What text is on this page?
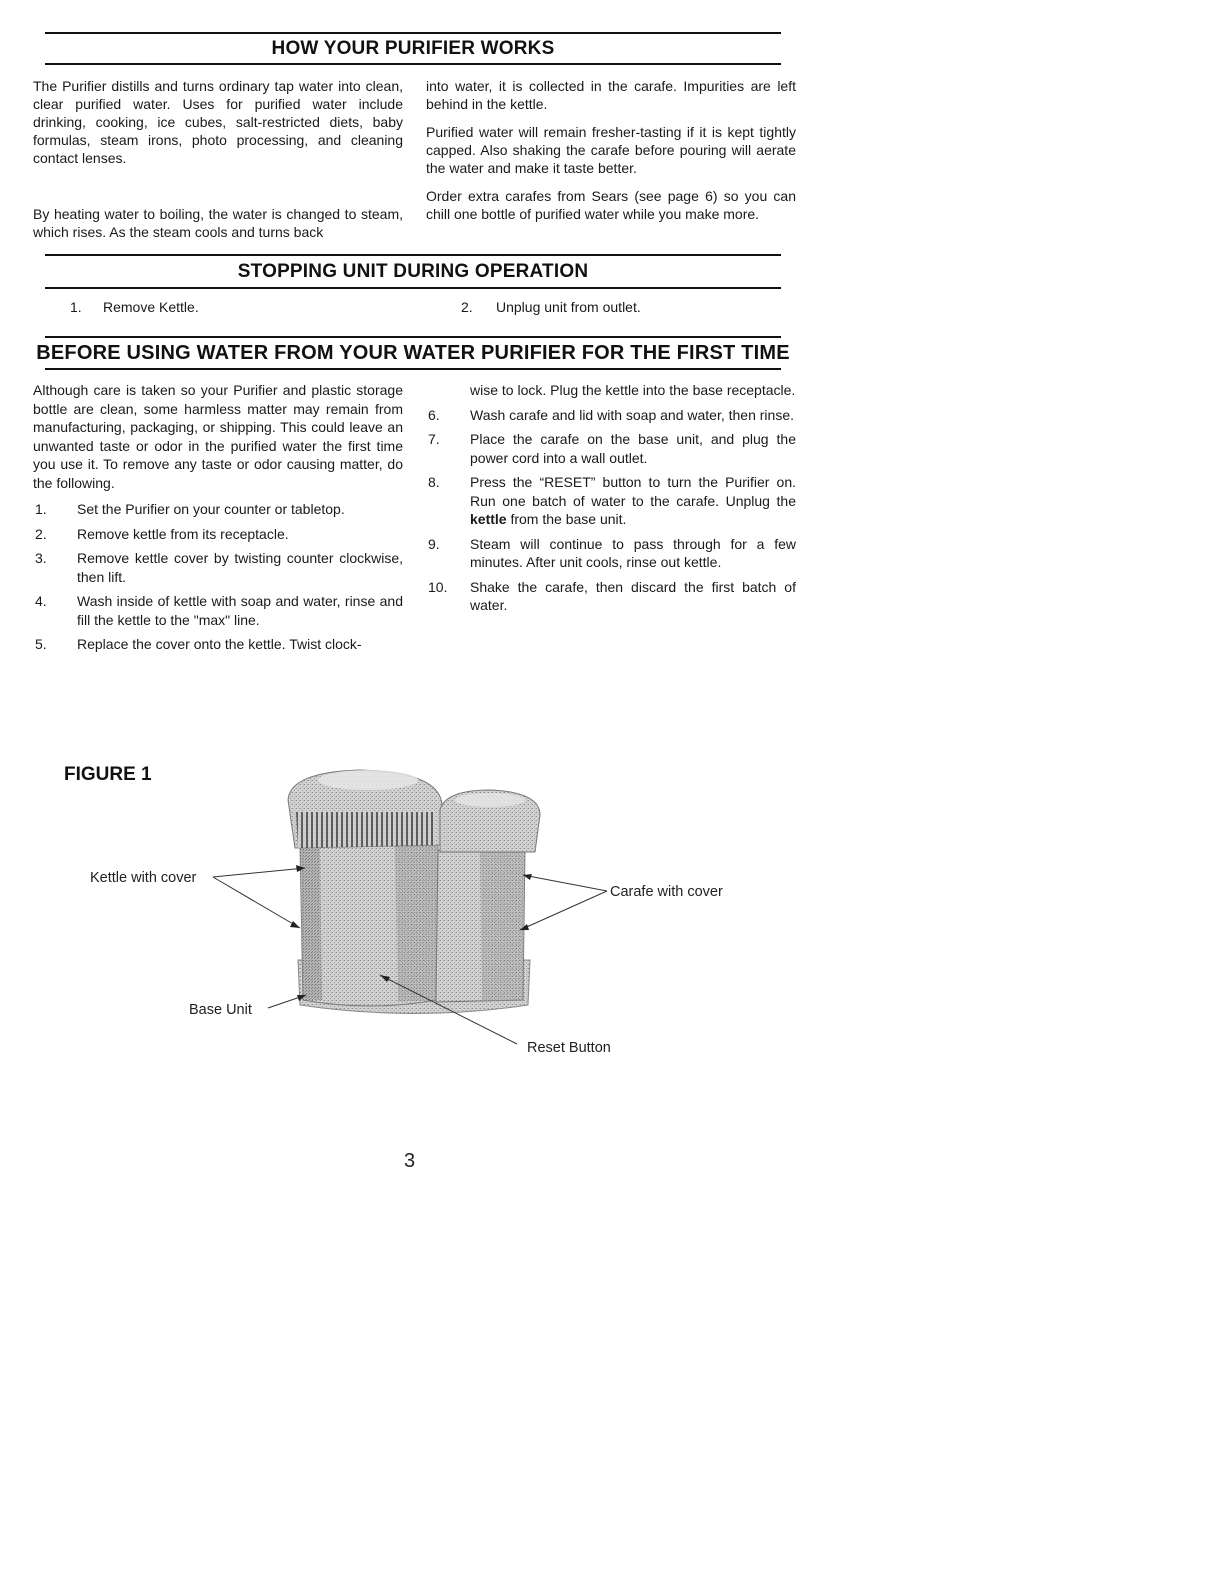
HOW YOUR PURIFIER WORKS

The Purifier distills and turns ordinary tap water into clean, clear purified water. Uses for purified water include drinking, cooking, ice cubes, salt-restricted diets, baby formulas, steam irons, photo processing, and cleaning contact lenses.

By heating water to boiling, the water is changed to steam, which rises. As the steam cools and turns back

into water, it is collected in the carafe. Impurities are left behind in the kettle.

Purified water will remain fresher-tasting if it is kept tightly capped. Also shaking the carafe before pouring will aerate the water and make it taste better.

Order extra carafes from Sears (see page 6) so you can chill one bottle of purified water while you make more.

STOPPING UNIT DURING OPERATION
1. Remove Kettle.	2. Unplug unit from outlet.
BEFORE USING WATER FROM YOUR WATER PURIFIER FOR THE FIRST TIME

Although care is taken so your Purifier and plastic storage bottle are clean, some harmless matter may remain from manufacturing, packaging, or shipping. This could leave an unwanted taste or odor in the purified water the first time you use it. To remove any taste or odor causing matter, do the following.

1.	Set the Purifier on your counter or tabletop.
2.	Remove kettle from its receptacle.
3.	Remove kettle cover by twisting counter clockwise, then lift.
4.	Wash inside of kettle with soap and water, rinse and fill the kettle to the "max" line.
5.	Replace the cover onto the kettle. Twist clock-
wise to lock. Plug the kettle into the base receptacle.
6.	Wash carafe and lid with soap and water, then rinse.
7.	Place the carafe on the base unit, and plug the power cord into a wall outlet.
8.	Press the “RESET” button to turn the Purifier on. Run one batch of water to the carafe. Unplug the kettle from the base unit.
9.	Steam will continue to pass through for a few minutes. After unit cools, rinse out kettle.
10.	Shake the carafe, then discard the first batch of water.
FIGURE 1
Kettle with cover
Carafe with cover
Base Unit
Reset Button
3
